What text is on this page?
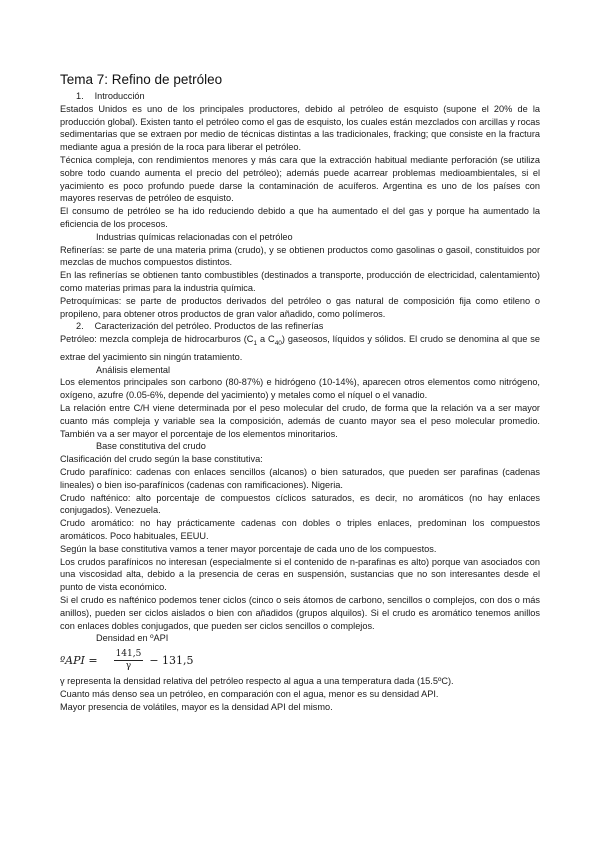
Tema 7: Refino de petróleo
1. Introducción

Estados Unidos es uno de los principales productores, debido al petróleo de esquisto (supone el 20% de la producción global). Existen tanto el petróleo como el gas de esquisto, los cuales están mezclados con arcillas y rocas sedimentarias que se extraen por medio de técnicas distintas a las tradicionales, fracking; que consiste en la fractura mediante agua a presión de la roca para liberar el petróleo.

Técnica compleja, con rendimientos menores y más cara que la extracción habitual mediante perforación (se utiliza sobre todo cuando aumenta el precio del petróleo); además puede acarrear problemas medioambientales, si el yacimiento es poco profundo puede darse la contaminación de acuíferos. Argentina es uno de los países con mayores reservas de petróleo de esquisto.

El consumo de petróleo se ha ido reduciendo debido a que ha aumentado el del gas y porque ha aumentado la eficiencia de los procesos.

Industrias químicas relacionadas con el petróleo

Refinerías: se parte de una materia prima (crudo), y se obtienen productos como gasolinas o gasoil, constituidos por mezclas de muchos compuestos distintos.

En las refinerías se obtienen tanto combustibles (destinados a transporte, producción de electricidad, calentamiento) como materias primas para la industria química.

Petroquímicas: se parte de productos derivados del petróleo o gas natural de composición fija como etileno o propileno, para obtener otros productos de gran valor añadido, como polímeros.

2. Caracterización del petróleo. Productos de las refinerías

Petróleo: mezcla compleja de hidrocarburos ($C_1$ a $C_{40}$) gaseosos, líquidos y sólidos. El crudo se denomina al que se extrae del yacimiento sin ningún tratamiento.

Análisis elemental

Los elementos principales son carbono (80-87%) e hidrógeno (10-14%), aparecen otros elementos como nitrógeno, oxígeno, azufre (0.05-6%, depende del yacimiento) y metales como el níquel o el vanadio.

La relación entre C/H viene determinada por el peso molecular del crudo, de forma que la relación va a ser mayor cuanto más compleja y variable sea la composición, además de cuanto mayor sea el peso molecular promedio. También va a ser mayor el porcentaje de los elementos minoritarios.

Base constitutiva del crudo

Clasificación del crudo según la base constitutiva:

Crudo parafínico: cadenas con enlaces sencillos (alcanos) o bien saturados, que pueden ser parafinas (cadenas lineales) o bien iso-parafínicos (cadenas con ramificaciones). Nigeria.

Crudo nafténico: alto porcentaje de compuestos cíclicos saturados, es decir, no aromáticos (no hay enlaces conjugados). Venezuela.

Crudo aromático: no hay prácticamente cadenas con dobles o triples enlaces, predominan los compuestos aromáticos. Poco habituales, EEUU.

Según la base constitutiva vamos a tener mayor porcentaje de cada uno de los compuestos.

Los crudos parafínicos no interesan (especialmente si el contenido de n-parafinas es alto) porque van asociados con una viscosidad alta, debido a la presencia de ceras en suspensión, sustancias que no son interesantes desde el punto de vista económico.

Si el crudo es nafténico podemos tener ciclos (cinco o seis átomos de carbono, sencillos o complejos, con dos o más anillos), pueden ser ciclos aislados o bien con añadidos (grupos alquilos). Si el crudo es aromático tenemos anillos con enlaces dobles conjugados, que pueden ser ciclos sencillos o complejos.

Densidad en ºAPI
ºAPI = $\frac{141,5}{\gamma} - 131,5$

γ representa la densidad relativa del petróleo respecto al agua a una temperatura dada (15.5ºC).

Cuanto más denso sea un petróleo, en comparación con el agua, menor es su densidad API.

Mayor presencia de volátiles, mayor es la densidad API del mismo.
